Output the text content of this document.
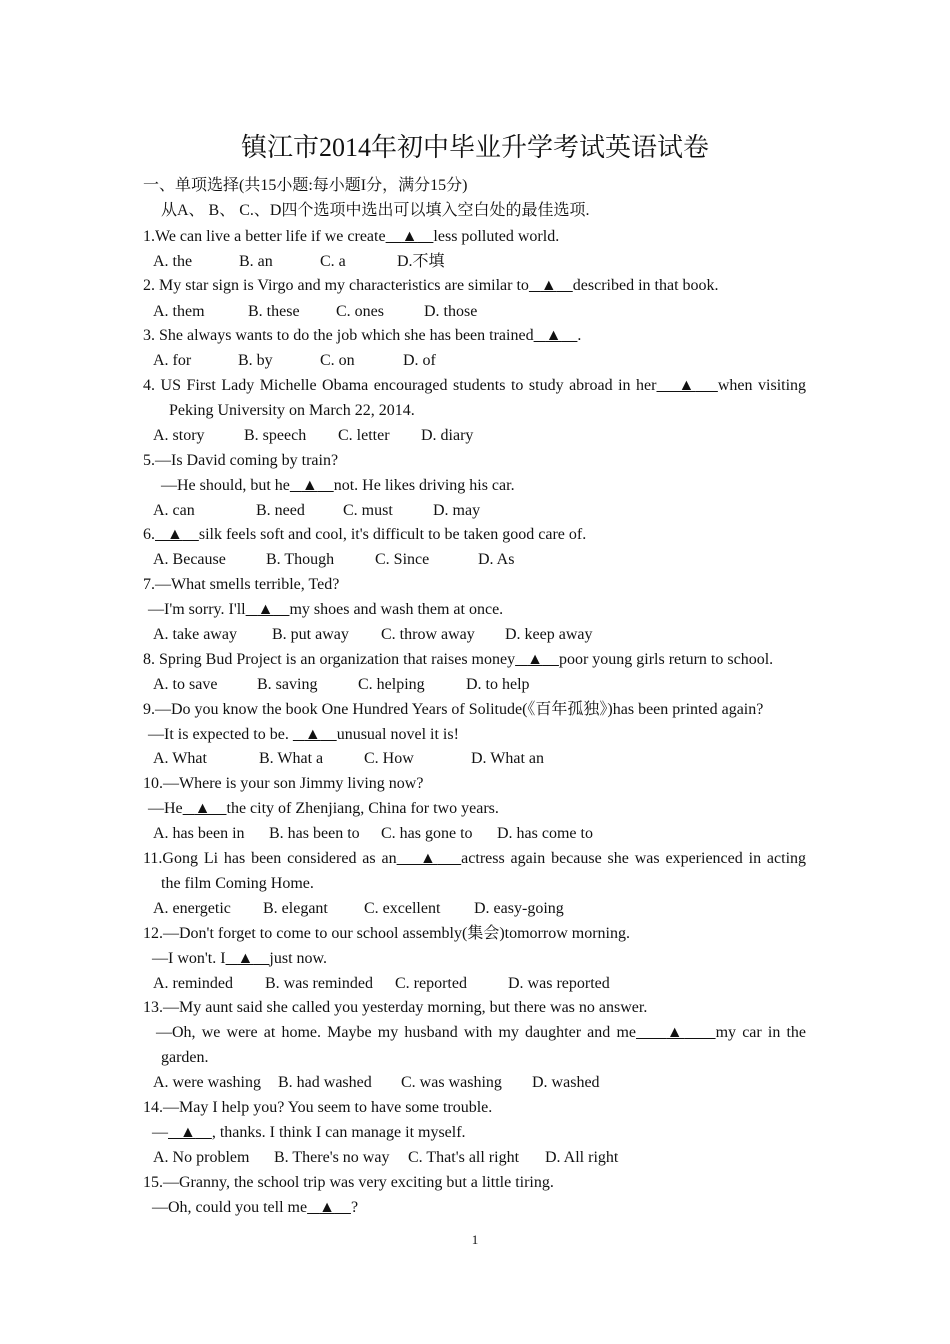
镇江市2014年初中毕业升学考试英语试卷
一、单项选择(共15小题:每小题I分，满分15分)
从A、 B、 C.、D四个选项中选出可以填入空白处的最佳选项.
1.We can live a better life if we create ▲ less polluted world.
A. the	B. an	C. a	D.不填
2. My star sign is Virgo and my characteristics are similar to ▲ described in that book.
A. them	B. these C. ones	D. those
3. She always wants to do the job which she has been trained ▲ .
A. for	B. by	C. on	D. of
4. US First Lady Michelle Obama encouraged students to study abroad in her ▲ when visiting
Peking University on March 22, 2014.
A. story B. speech C. letter D. diary
5.—Is David coming by train?
—He should, but he ▲ not. He likes driving his car.
A. can	B. need C. must	D. may
6. ▲ silk feels soft and cool, it's difficult to be taken good care of.
A. Because	B. Though	C. Since	D. As
7.—What smells terrible, Ted?
—I'm sorry. I'll ▲ my shoes and wash them at once.
A. take away B. put away C. throw away D. keep away
8. Spring Bud Project is an organization that raises money ▲ poor young girls return to school.
A. to save B. saving	C. helping	D. to help
9.—Do you know the book One Hundred Years of Solitude(《百年孤独》)has been printed again?
—It is expected to be.    ▲ unusual novel it is!
A. What	B. What a	C. How	D. What an
10.—Where is your son Jimmy living now?
—He ▲ the city of Zhenjiang, China for two years.
A. has been in B. has been to C. has gone to D. has come to
11.Gong Li has been considered as an ▲ actress again because she was experienced in acting
the film Coming Home.
A. energetic B. elegant C. excellent D. easy-going
12.—Don't forget to come to our school assembly(集会)tomorrow morning.
—I won't. I ▲ just now.
A. reminded B. was reminded C. reported	D. was reported
13.—My aunt said she called you yesterday morning, but there was no answer.
—Oh, we were at home. Maybe my husband with my daughter and me ▲ my car in the
garden.
A. were washing B. had washed C. was washing D. washed
14.—May I help you? You seem to have some trouble.
— ▲ , thanks. I think I can manage it myself.
A. No problem B. There's no way C. That's all right D. All right
15.—Granny, the school trip was very exciting but a little tiring.
—Oh, could you tell me ▲ ?
1
